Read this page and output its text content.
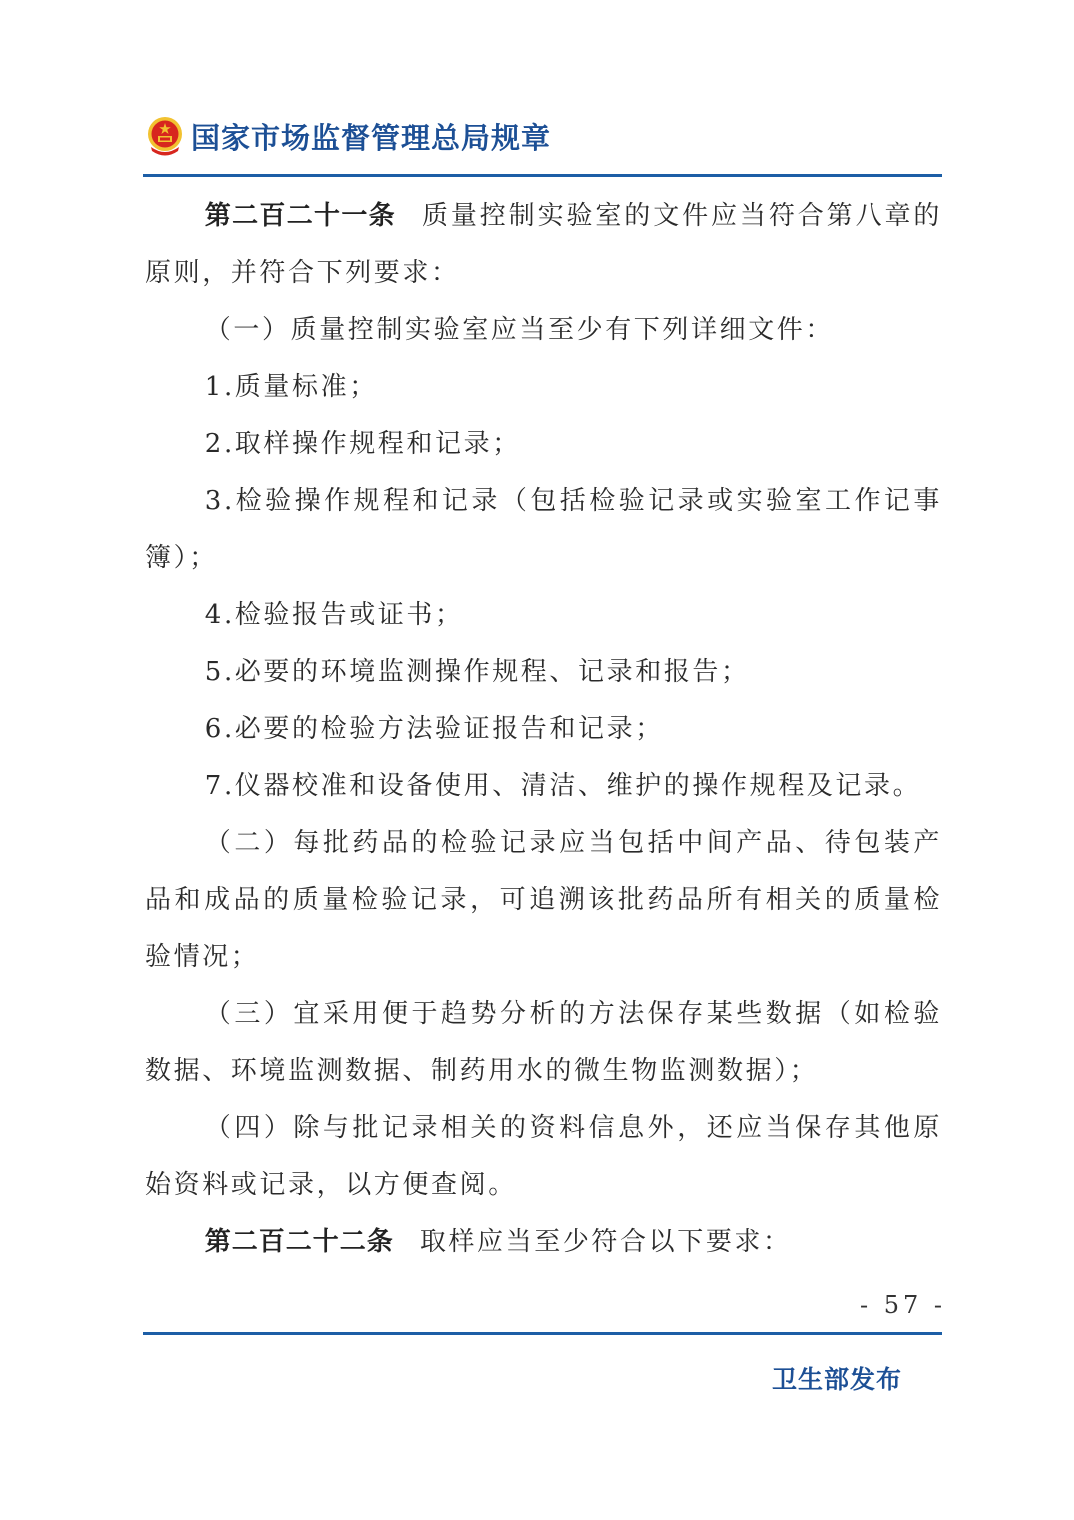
国家市场监督管理总局规章

第二百二十一条 质量控制实验室的文件应当符合第八章的原则，并符合下列要求：

（一）质量控制实验室应当至少有下列详细文件：

1.质量标准；

2.取样操作规程和记录；

3.检验操作规程和记录（包括检验记录或实验室工作记事簿）；

4.检验报告或证书；

5.必要的环境监测操作规程、记录和报告；

6.必要的检验方法验证报告和记录；

7.仪器校准和设备使用、清洁、维护的操作规程及记录。

（二）每批药品的检验记录应当包括中间产品、待包装产品和成品的质量检验记录，可追溯该批药品所有相关的质量检验情况；

（三）宜采用便于趋势分析的方法保存某些数据（如检验数据、环境监测数据、制药用水的微生物监测数据）；

（四）除与批记录相关的资料信息外，还应当保存其他原始资料或记录，以方便查阅。

第二百二十二条 取样应当至少符合以下要求：

- 57 -
卫生部发布
